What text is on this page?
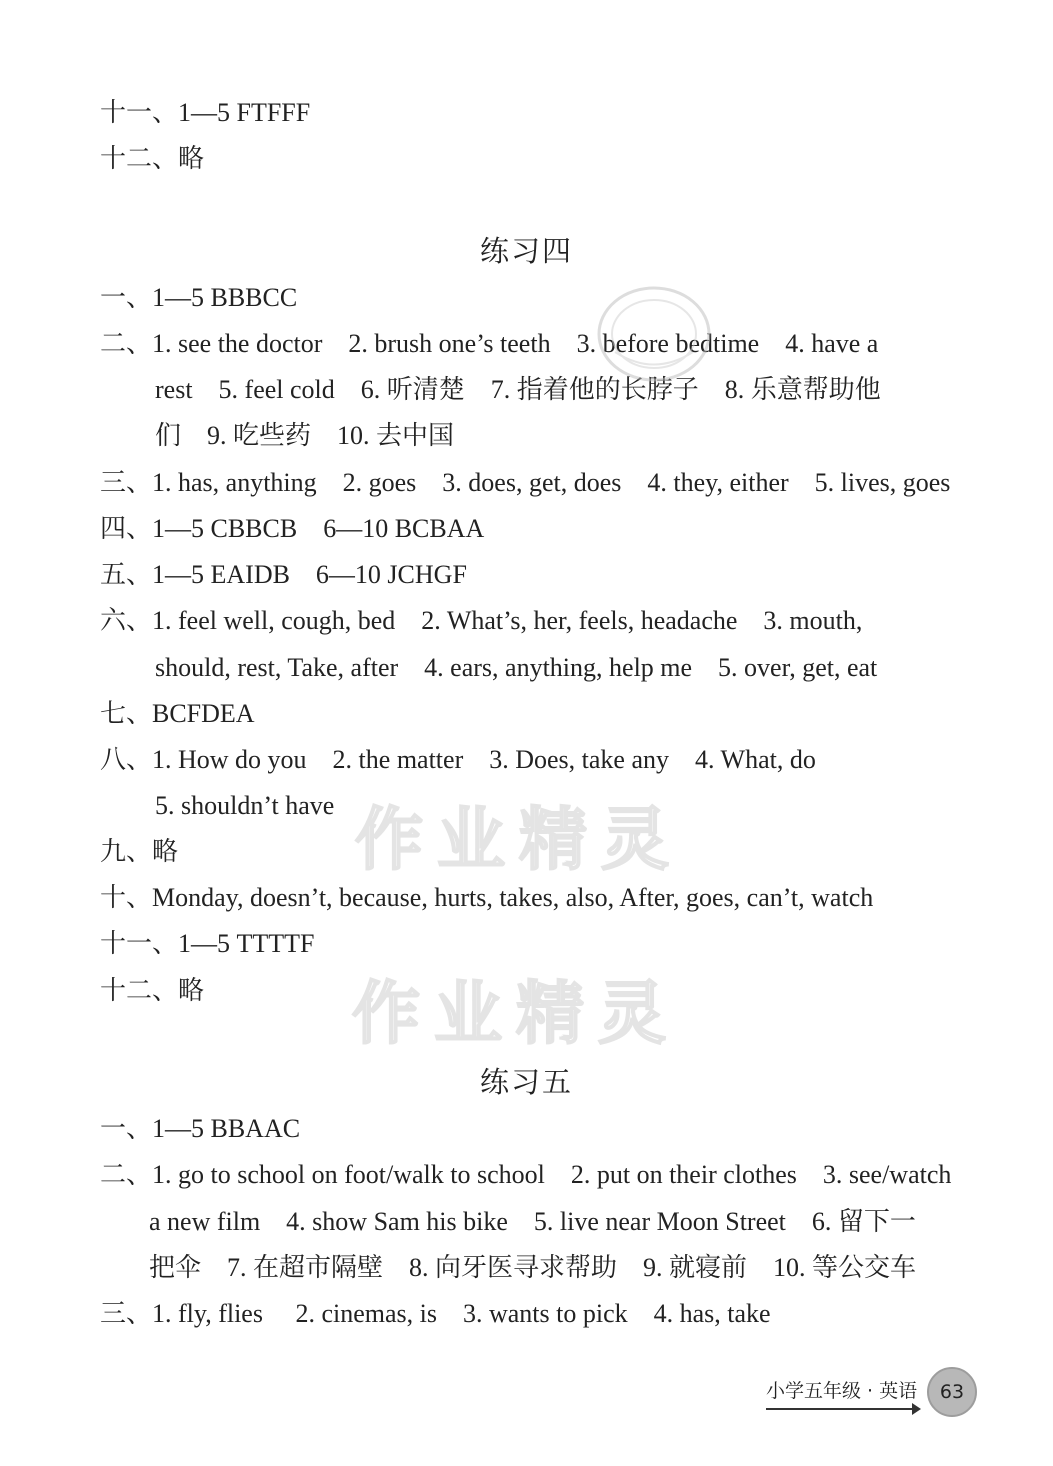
十一、1—5 FTFFF
十二、略
练习四
一、1—5 BBBCC
二、1. see the doctor    2. brush one’s teeth    3. before bedtime    4. have a
rest    5. feel cold    6. 听清楚    7. 指着他的长脖子    8. 乐意帮助他
们    9. 吃些药    10. 去中国
三、1. has, anything    2. goes    3. does, get, does    4. they, either    5. lives, goes
四、1—5 CBBCB    6—10 BCBAA
五、1—5 EAIDB    6—10 JCHGF
六、1. feel well, cough, bed    2. What’s, her, feels, headache    3. mouth,
should, rest, Take, after    4. ears, anything, help me    5. over, get, eat
七、BCFDEA
八、1. How do you    2. the matter    3. Does, take any    4. What, do
5. shouldn’t have
九、略
十、Monday, doesn’t, because, hurts, takes, also, After, goes, can’t, watch
十一、1—5 TTTTF
十二、略
练习五
一、1—5 BBAAC
二、1. go to school on foot/walk to school    2. put on their clothes    3. see/watch
a new film    4. show Sam his bike    5. live near Moon Street    6. 留下一
把伞    7. 在超市隔壁    8. 向牙医寻求帮助    9. 就寝前    10. 等公交车
三、1. fly, flies     2. cinemas, is    3. wants to pick    4. has, take
作业精灵
作业精灵
小学五年级 · 英语	63
